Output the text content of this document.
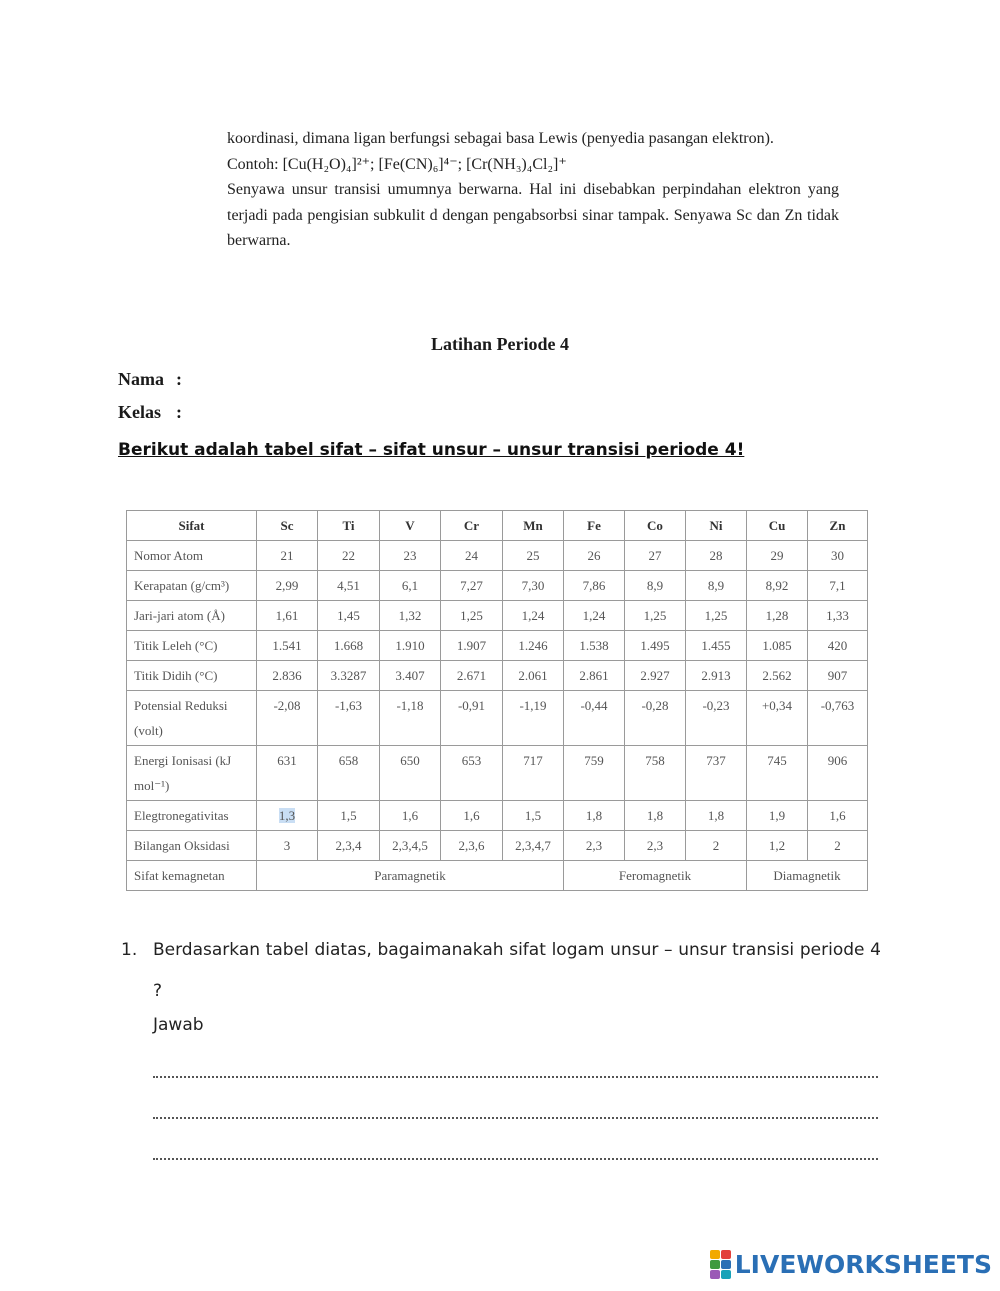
koordinasi, dimana ligan berfungsi sebagai basa Lewis (penyedia pasangan elektron).

Contoh: [Cu(H₂O)₄]²⁺; [Fe(CN)₆]⁴⁻; [Cr(NH₃)₄Cl₂]⁺

Senyawa unsur transisi umumnya berwarna. Hal ini disebabkan perpindahan elektron yang terjadi pada pengisian subkulit d dengan pengabsorbsi sinar tampak. Senyawa Sc dan Zn tidak berwarna.

Latihan Periode 4
Nama :
Kelas :
Berikut adalah tabel sifat – sifat unsur – unsur transisi periode 4!
Sifat	Sc	Ti	V	Cr	Mn	Fe	Co	Ni	Cu	Zn
Nomor Atom	21	22	23	24	25	26	27	28	29	30
Kerapatan (g/cm³)	2,99	4,51	6,1	7,27	7,30	7,86	8,9	8,9	8,92	7,1
Jari-jari atom (Å)	1,61	1,45	1,32	1,25	1,24	1,24	1,25	1,25	1,28	1,33
Titik Leleh (°C)	1.541	1.668	1.910	1.907	1.246	1.538	1.495	1.455	1.085	420
Titik Didih (°C)	2.836	3.3287	3.407	2.671	2.061	2.861	2.927	2.913	2.562	907
Potensial Reduksi (volt)	-2,08	-1,63	-1,18	-0,91	-1,19	-0,44	-0,28	-0,23	+0,34	-0,763
Energi Ionisasi (kJ mol⁻¹)	631	658	650	653	717	759	758	737	745	906
Elegtronegativitas	1,3	1,5	1,6	1,6	1,5	1,8	1,8	1,8	1,9	1,6
Bilangan Oksidasi	3	2,3,4	2,3,4,5	2,3,6	2,3,4,7	2,3	2,3	2	1,2	2
Sifat kemagnetan	Paramagnetik					Feromagnetik			Diamagnetik	
1. Berdasarkan tabel diatas, bagaimanakah sifat logam unsur – unsur transisi periode 4 ?
Jawab
LIVEWORKSHEETS
